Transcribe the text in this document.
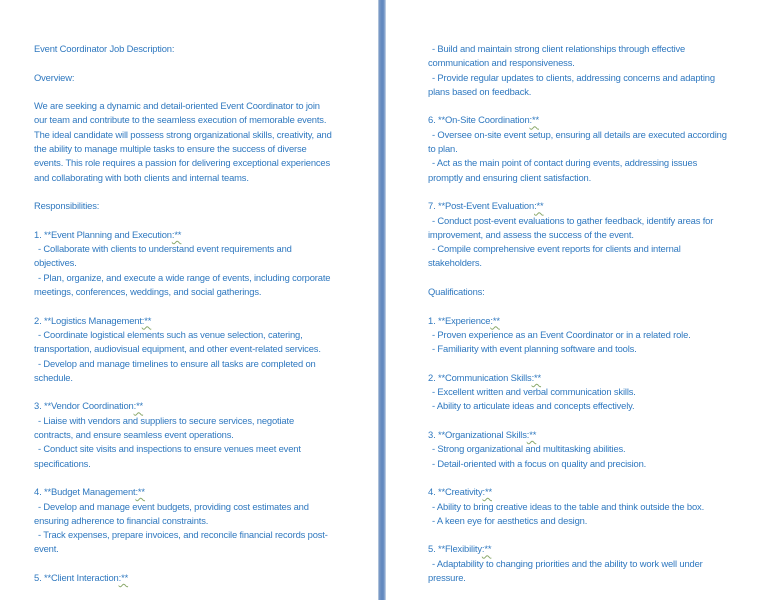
Event Coordinator Job Description:
Overview:
We are seeking a dynamic and detail-oriented Event Coordinator to join our team and contribute to the seamless execution of memorable events. The ideal candidate will possess strong organizational skills, creativity, and the ability to manage multiple tasks to ensure the success of diverse events. This role requires a passion for delivering exceptional experiences and collaborating with both clients and internal teams.
Responsibilities:
1. **Event Planning and Execution:**
- Collaborate with clients to understand event requirements and objectives.
- Plan, organize, and execute a wide range of events, including corporate meetings, conferences, weddings, and social gatherings.
2. **Logistics Management:**
- Coordinate logistical elements such as venue selection, catering, transportation, audiovisual equipment, and other event-related services.
- Develop and manage timelines to ensure all tasks are completed on schedule.
3. **Vendor Coordination:**
- Liaise with vendors and suppliers to secure services, negotiate contracts, and ensure seamless event operations.
- Conduct site visits and inspections to ensure venues meet event specifications.
4. **Budget Management:**
- Develop and manage event budgets, providing cost estimates and ensuring adherence to financial constraints.
- Track expenses, prepare invoices, and reconcile financial records post-event.
5. **Client Interaction:**
- Build and maintain strong client relationships through effective communication and responsiveness.
- Provide regular updates to clients, addressing concerns and adapting plans based on feedback.
6. **On-Site Coordination:**
- Oversee on-site event setup, ensuring all details are executed according to plan.
- Act as the main point of contact during events, addressing issues promptly and ensuring client satisfaction.
7. **Post-Event Evaluation:**
- Conduct post-event evaluations to gather feedback, identify areas for improvement, and assess the success of the event.
- Compile comprehensive event reports for clients and internal stakeholders.
Qualifications:
1. **Experience:**
- Proven experience as an Event Coordinator or in a related role.
- Familiarity with event planning software and tools.
2. **Communication Skills:**
- Excellent written and verbal communication skills.
- Ability to articulate ideas and concepts effectively.
3. **Organizational Skills:**
- Strong organizational and multitasking abilities.
- Detail-oriented with a focus on quality and precision.
4. **Creativity:**
- Ability to bring creative ideas to the table and think outside the box.
- A keen eye for aesthetics and design.
5. **Flexibility:**
- Adaptability to changing priorities and the ability to work well under pressure.
